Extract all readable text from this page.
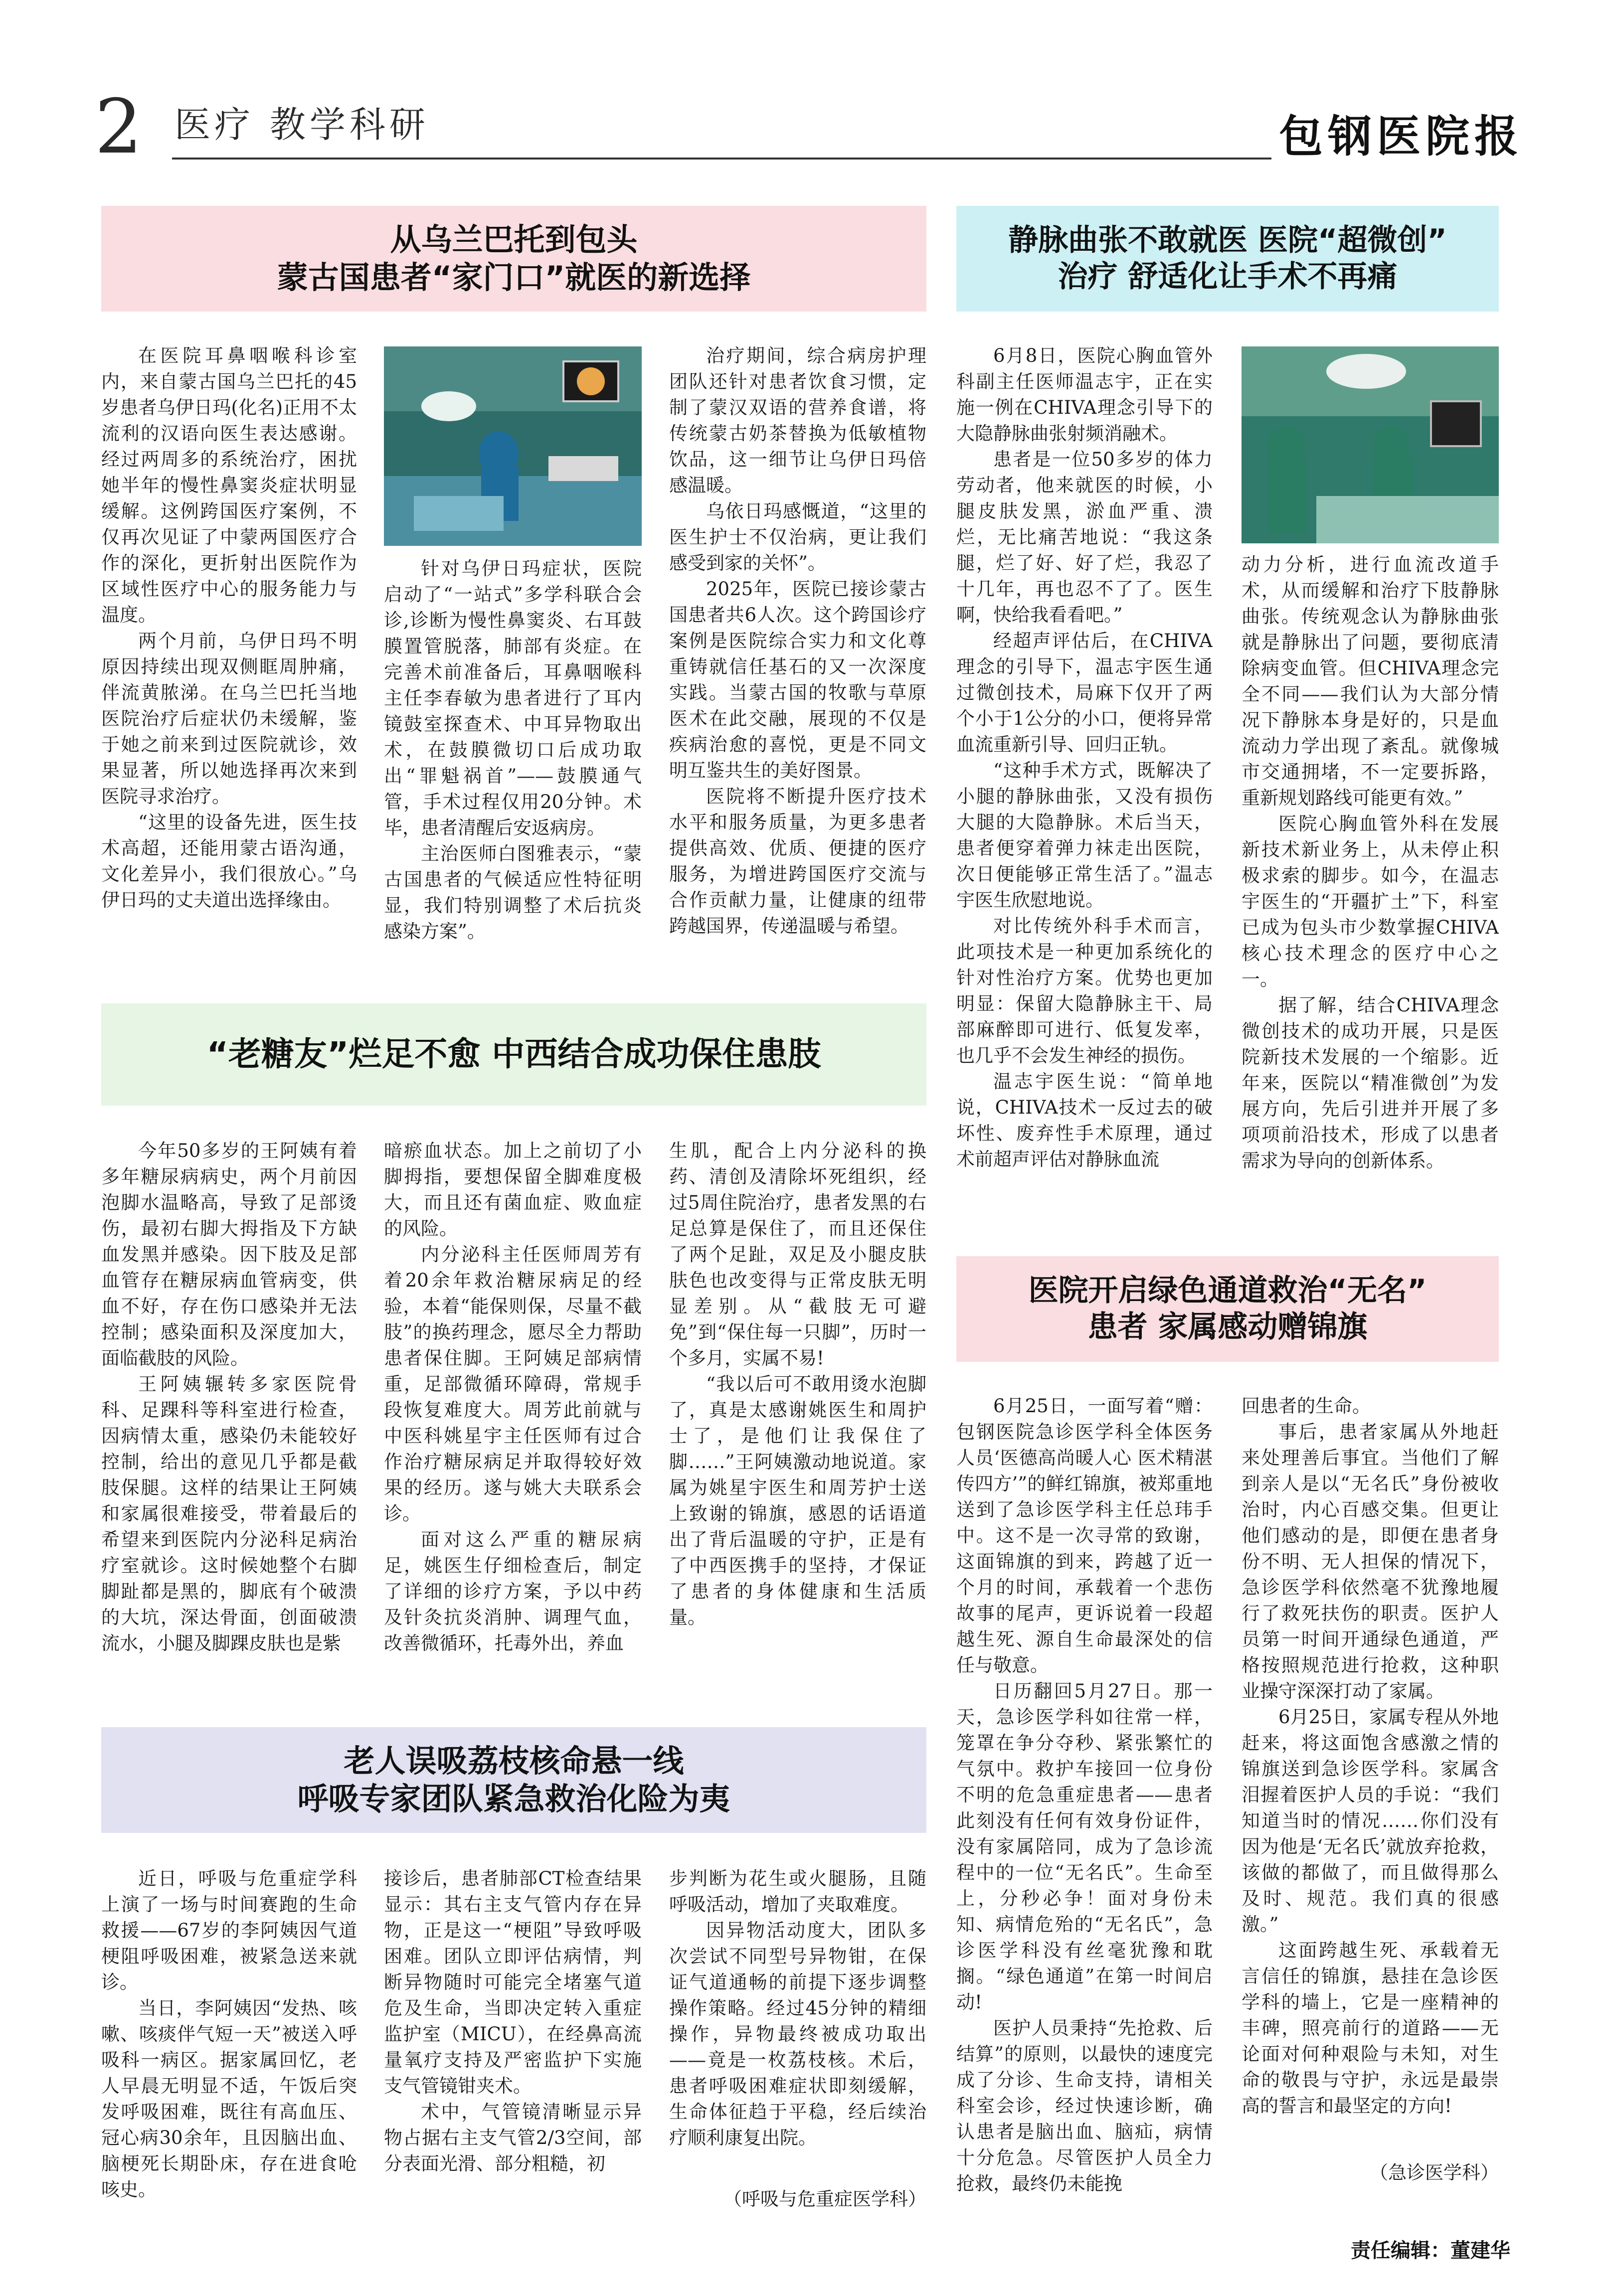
2 医疗 教学科研	包钢医院报
从乌兰巴托到包头
蒙古国患者“家门口”就医的新选择
在医院耳鼻咽喉科诊室内，来自蒙古国乌兰巴托的45岁患者乌伊日玛(化名)正用不太流利的汉语向医生表达感谢。经过两周多的系统治疗，困扰她半年的慢性鼻窦炎症状明显缓解。这例跨国医疗案例，不仅再次见证了中蒙两国医疗合作的深化，更折射出医院作为区域性医疗中心的服务能力与温度。
两个月前，乌伊日玛不明原因持续出现双侧眶周肿痛，伴流黄脓涕。在乌兰巴托当地医院治疗后症状仍未缓解，鉴于她之前来到过医院就诊，效果显著，所以她选择再次来到医院寻求治疗。
“这里的设备先进，医生技术高超，还能用蒙古语沟通，文化差异小，我们很放心。”乌伊日玛的丈夫道出选择缘由。
针对乌伊日玛症状，医院启动了“一站式”多学科联合会诊,诊断为慢性鼻窦炎、右耳鼓膜置管脱落，肺部有炎症。在完善术前准备后，耳鼻咽喉科主任李春敏为患者进行了耳内镜鼓室探查术、中耳异物取出术，在鼓膜微切口后成功取出“罪魁祸首”——鼓膜通气管，手术过程仅用20分钟。术毕，患者清醒后安返病房。
主治医师白图雅表示，“蒙古国患者的气候适应性特征明显，我们特别调整了术后抗炎感染方案”。
治疗期间，综合病房护理团队还针对患者饮食习惯，定制了蒙汉双语的营养食谱，将传统蒙古奶茶替换为低敏植物饮品，这一细节让乌伊日玛倍感温暖。
乌依日玛感慨道，“这里的医生护士不仅治病，更让我们感受到家的关怀”。
2025年，医院已接诊蒙古国患者共6人次。这个跨国诊疗案例是医院综合实力和文化尊重铸就信任基石的又一次深度实践。当蒙古国的牧歌与草原医术在此交融，展现的不仅是疾病治愈的喜悦，更是不同文明互鉴共生的美好图景。
医院将不断提升医疗技术水平和服务质量，为更多患者提供高效、优质、便捷的医疗服务，为增进跨国医疗交流与合作贡献力量，让健康的纽带跨越国界，传递温暖与希望。
静脉曲张不敢就医 医院“超微创”
治疗 舒适化让手术不再痛
6月8日，医院心胸血管外科副主任医师温志宇，正在实施一例在CHIVA理念引导下的大隐静脉曲张射频消融术。
患者是一位50多岁的体力劳动者，他来就医的时候，小腿皮肤发黑，淤血严重、溃烂，无比痛苦地说：“我这条腿，烂了好、好了烂，我忍了十几年，再也忍不了了。医生啊，快给我看看吧。”
经超声评估后，在CHIVA理念的引导下，温志宇医生通过微创技术，局麻下仅开了两个小于1公分的小口，便将异常血流重新引导、回归正轨。
“这种手术方式，既解决了小腿的静脉曲张，又没有损伤大腿的大隐静脉。术后当天，患者便穿着弹力袜走出医院，次日便能够正常生活了。”温志宇医生欣慰地说。
对比传统外科手术而言，此项技术是一种更加系统化的针对性治疗方案。优势也更加明显：保留大隐静脉主干、局部麻醉即可进行、低复发率，也几乎不会发生神经的损伤。
温志宇医生说：“简单地说，CHIVA技术一反过去的破坏性、废弃性手术原理，通过术前超声评估对静脉血流
动力分析，进行血流改道手术，从而缓解和治疗下肢静脉曲张。传统观念认为静脉曲张就是静脉出了问题，要彻底清除病变血管。但CHIVA理念完全不同——我们认为大部分情况下静脉本身是好的，只是血流动力学出现了紊乱。就像城市交通拥堵，不一定要拆路，重新规划路线可能更有效。”
医院心胸血管外科在发展新技术新业务上，从未停止积极求索的脚步。如今，在温志宇医生的“开疆扩土”下，科室已成为包头市少数掌握CHIVA核心技术理念的医疗中心之一。
据了解，结合CHIVA理念微创技术的成功开展，只是医院新技术发展的一个缩影。近年来，医院以“精准微创”为发展方向，先后引进并开展了多项项前沿技术，形成了以患者需求为导向的创新体系。
“老糖友”烂足不愈 中西结合成功保住患肢
今年50多岁的王阿姨有着多年糖尿病病史，两个月前因泡脚水温略高，导致了足部烫伤，最初右脚大拇指及下方缺血发黑并感染。因下肢及足部血管存在糖尿病血管病变，供血不好，存在伤口感染并无法控制；感染面积及深度加大，面临截肢的风险。
王阿姨辗转多家医院骨科、足踝科等科室进行检查，因病情太重，感染仍未能较好控制，给出的意见几乎都是截肢保腿。这样的结果让王阿姨和家属很难接受，带着最后的希望来到医院内分泌科足病治疗室就诊。这时候她整个右脚脚趾都是黑的，脚底有个破溃的大坑，深达骨面，创面破溃流水，小腿及脚踝皮肤也是紫
暗瘀血状态。加上之前切了小脚拇指，要想保留全脚难度极大，而且还有菌血症、败血症的风险。
内分泌科主任医师周芳有着20余年救治糖尿病足的经验，本着“能保则保，尽量不截肢”的换药理念，愿尽全力帮助患者保住脚。王阿姨足部病情重，足部微循环障碍，常规手段恢复难度大。周芳此前就与中医科姚星宇主任医师有过合作治疗糖尿病足并取得较好效果的经历。遂与姚大夫联系会诊。
面对这么严重的糖尿病足，姚医生仔细检查后，制定了详细的诊疗方案，予以中药及针灸抗炎消肿、调理气血，改善微循环，托毒外出，养血
生肌，配合上内分泌科的换药、清创及清除坏死组织，经过5周住院治疗，患者发黑的右足总算是保住了，而且还保住了两个足趾，双足及小腿皮肤肤色也改变得与正常皮肤无明显差别。从“截肢无可避免”到“保住每一只脚”，历时一个多月，实属不易!
“我以后可不敢用烫水泡脚了，真是太感谢姚医生和周护士了，是他们让我保住了脚……”王阿姨激动地说道。家属为姚星宇医生和周芳护士送上致谢的锦旗，感恩的话语道出了背后温暖的守护，正是有了中西医携手的坚持，才保证了患者的身体健康和生活质量。
老人误吸荔枝核命悬一线
呼吸专家团队紧急救治化险为夷
近日，呼吸与危重症学科上演了一场与时间赛跑的生命救援——67岁的李阿姨因气道梗阻呼吸困难，被紧急送来就诊。
当日，李阿姨因“发热、咳嗽、咳痰伴气短一天”被送入呼吸科一病区。据家属回忆，老人早晨无明显不适，午饭后突发呼吸困难，既往有高血压、冠心病30余年，且因脑出血、脑梗死长期卧床，存在进食呛咳史。
接诊后，患者肺部CT检查结果显示：其右主支气管内存在异物，正是这一“梗阻”导致呼吸困难。团队立即评估病情，判断异物随时可能完全堵塞气道危及生命，当即决定转入重症监护室（MICU），在经鼻高流量氧疗支持及严密监护下实施支气管镜钳夹术。
术中，气管镜清晰显示异物占据右主支气管2/3空间，部分表面光滑、部分粗糙，初
步判断为花生或火腿肠，且随呼吸活动，增加了夹取难度。
因异物活动度大，团队多次尝试不同型号异物钳，在保证气道通畅的前提下逐步调整操作策略。经过45分钟的精细操作，异物最终被成功取出——竟是一枚荔枝核。术后，患者呼吸困难症状即刻缓解，生命体征趋于平稳，经后续治疗顺利康复出院。
（呼吸与危重症医学科）
医院开启绿色通道救治“无名”
患者 家属感动赠锦旗
6月25日，一面写着“赠：包钢医院急诊医学科全体医务人员‘医德高尚暖人心 医术精湛传四方’”的鲜红锦旗，被郑重地送到了急诊医学科主任总玮手中。这不是一次寻常的致谢，这面锦旗的到来，跨越了近一个月的时间，承载着一个悲伤故事的尾声，更诉说着一段超越生死、源自生命最深处的信任与敬意。
日历翻回5月27日。那一天，急诊医学科如往常一样，笼罩在争分夺秒、紧张繁忙的气氛中。救护车接回一位身份不明的危急重症患者——患者此刻没有任何有效身份证件，没有家属陪同，成为了急诊流程中的一位“无名氏”。生命至上，分秒必争！面对身份未知、病情危殆的“无名氏”，急诊医学科没有丝毫犹豫和耽搁。“绿色通道”在第一时间启动!
医护人员秉持“先抢救、后结算”的原则，以最快的速度完成了分诊、生命支持，请相关科室会诊，经过快速诊断，确认患者是脑出血、脑疝，病情十分危急。尽管医护人员全力抢救，最终仍未能挽
回患者的生命。
事后，患者家属从外地赶来处理善后事宜。当他们了解到亲人是以“无名氏”身份被收治时，内心百感交集。但更让他们感动的是，即便在患者身份不明、无人担保的情况下，急诊医学科依然毫不犹豫地履行了救死扶伤的职责。医护人员第一时间开通绿色通道，严格按照规范进行抢救，这种职业操守深深打动了家属。
6月25日，家属专程从外地赶来，将这面饱含感激之情的锦旗送到急诊医学科。家属含泪握着医护人员的手说：“我们知道当时的情况……你们没有因为他是‘无名氏’就放弃抢救，该做的都做了，而且做得那么及时、规范。我们真的很感激。”
这面跨越生死、承载着无言信任的锦旗，悬挂在急诊医学科的墙上，它是一座精神的丰碑，照亮前行的道路——无论面对何种艰险与未知，对生命的敬畏与守护，永远是最崇高的誓言和最坚定的方向!
（急诊医学科）
责任编辑：董建华
